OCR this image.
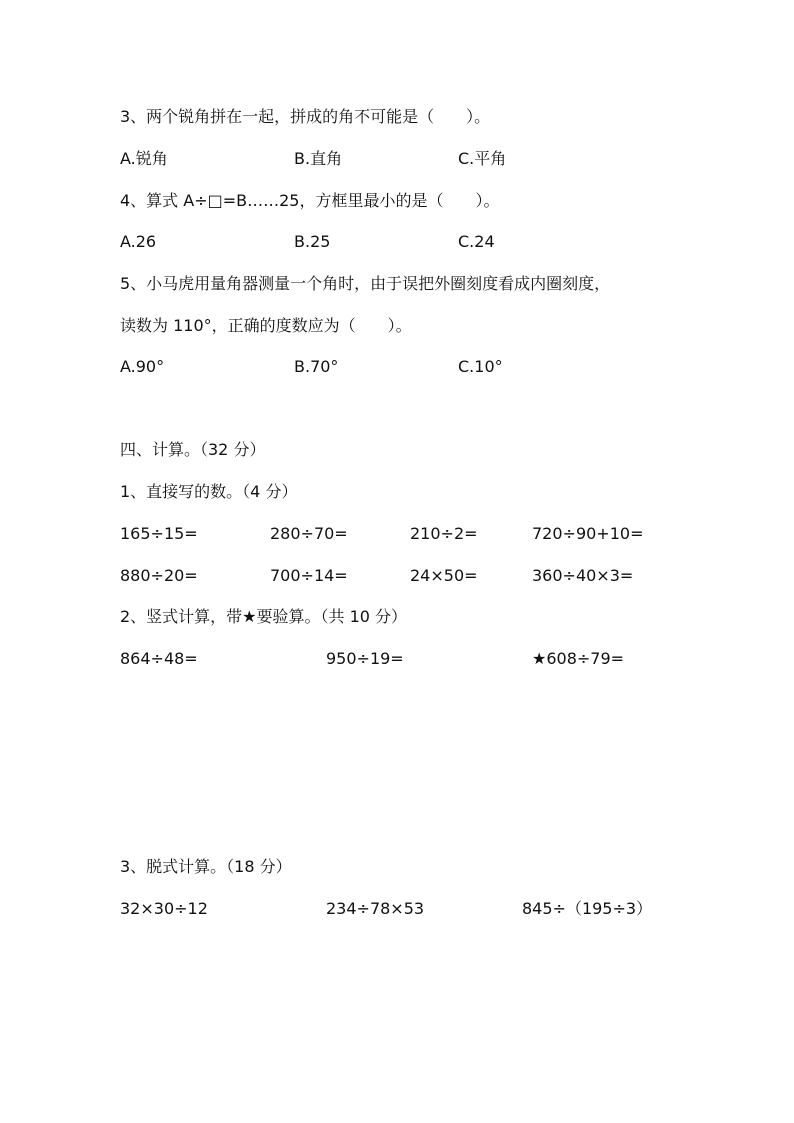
3、两个锐角拼在一起，拼成的角不可能是（　　）。
A.锐角	B.直角	C.平角
4、算式 A÷□=B……25，方框里最小的是（　　）。
A.26	B.25	C.24
5、小马虎用量角器测量一个角时，由于误把外圈刻度看成内圈刻度，
读数为 110°，正确的度数应为（　　）。
A.90°	B.70°	C.10°
四、计算。（32 分）
1、直接写的数。（4 分）
165÷15=	280÷70=	210÷2=	720÷90+10=
880÷20=	700÷14=	24×50=	360÷40×3=
2、竖式计算，带★要验算。（共 10 分）
864÷48=	950÷19=	★608÷79=
3、脱式计算。（18 分）
32×30÷12	234÷78×53	845÷（195÷3）
